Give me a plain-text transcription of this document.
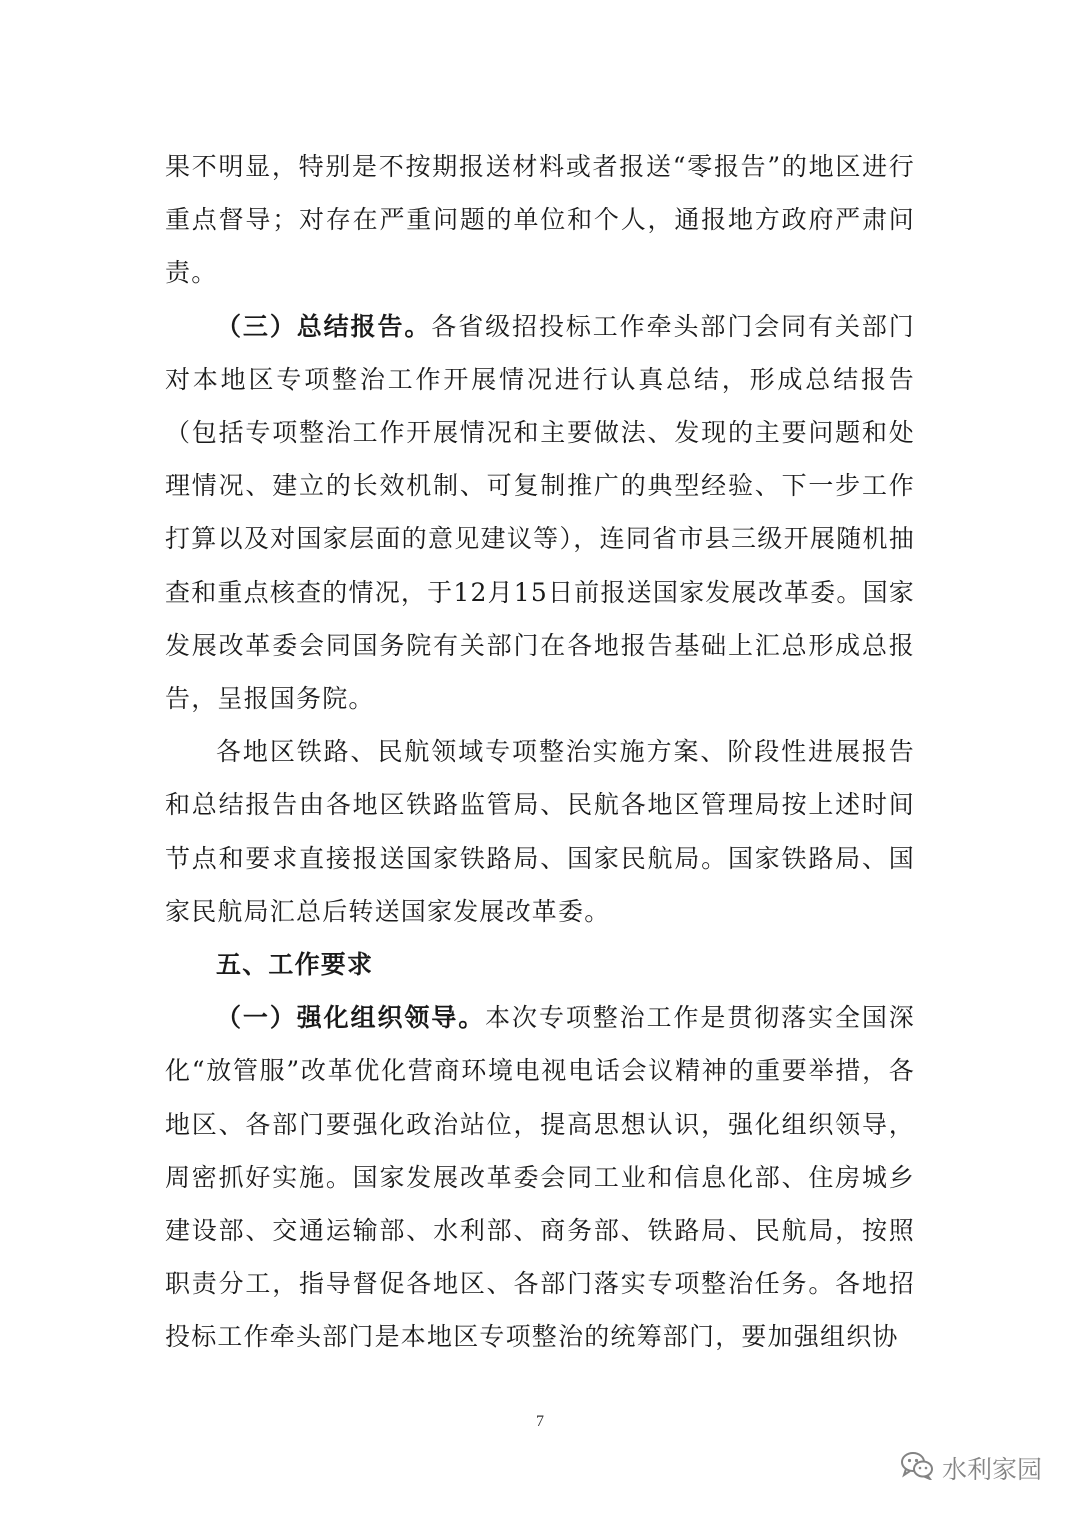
果不明显，特别是不按期报送材料或者报送“零报告”的地区进行重点督导；对存在严重问题的单位和个人，通报地方政府严肃问责。

（三）总结报告。各省级招投标工作牵头部门会同有关部门对本地区专项整治工作开展情况进行认真总结，形成总结报告（包括专项整治工作开展情况和主要做法、发现的主要问题和处理情况、建立的长效机制、可复制推广的典型经验、下一步工作打算以及对国家层面的意见建议等），连同省市县三级开展随机抽查和重点核查的情况，于12月15日前报送国家发展改革委。国家发展改革委会同国务院有关部门在各地报告基础上汇总形成总报告，呈报国务院。

各地区铁路、民航领域专项整治实施方案、阶段性进展报告和总结报告由各地区铁路监管局、民航各地区管理局按上述时间节点和要求直接报送国家铁路局、国家民航局。国家铁路局、国家民航局汇总后转送国家发展改革委。

五、工作要求

（一）强化组织领导。本次专项整治工作是贯彻落实全国深化“放管服”改革优化营商环境电视电话会议精神的重要举措，各地区、各部门要强化政治站位，提高思想认识，强化组织领导，周密抓好实施。国家发展改革委会同工业和信息化部、住房城乡建设部、交通运输部、水利部、商务部、铁路局、民航局，按照职责分工，指导督促各地区、各部门落实专项整治任务。各地招投标工作牵头部门是本地区专项整治的统筹部门，要加强组织协

7
水利家园
